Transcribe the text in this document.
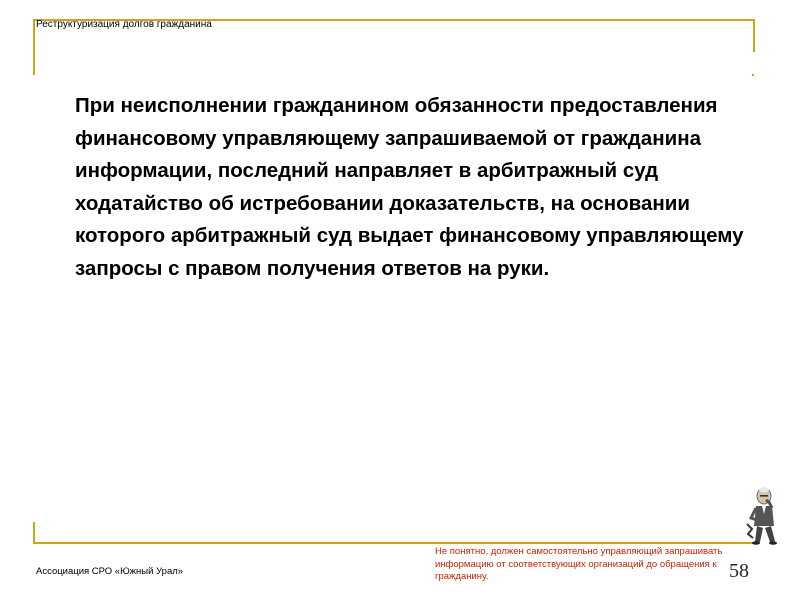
Реструктуризация долгов гражданина

При неисполнении гражданином обязанности предоставления финансовому управляющему запрашиваемой от гражданина информации, последний направляет в арбитражный суд ходатайство об истребовании доказательств, на основании которого арбитражный суд выдает финансовому управляющему запросы с правом получения ответов на руки.

Ассоциация СРО «Южный Урал»	58
Не понятно, должен самостоятельно управляющий запрашивать информацию от соответствующих организаций до обращения к гражданину.
